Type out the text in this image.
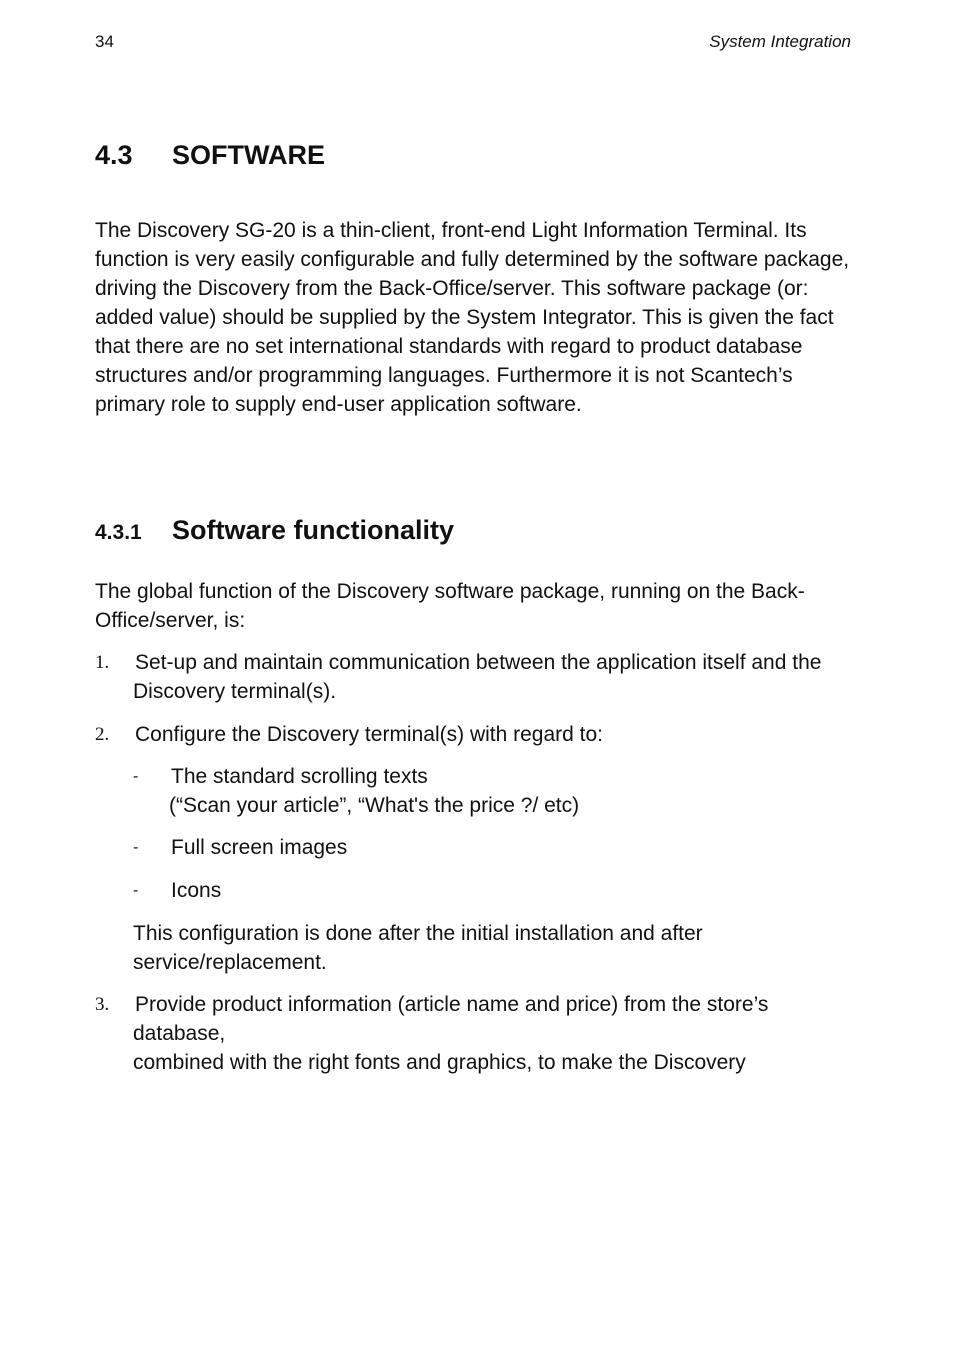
34	System Integration
4.3 SOFTWARE

The Discovery SG-20 is a thin-client, front-end Light Information Terminal. Its function is very easily configurable and fully determined by the software package, driving the Discovery from the Back-Office/server. This software package (or: added value) should be supplied by the System Integrator. This is given the fact that there are no set international standards with regard to product database structures and/or programming languages. Furthermore it is not Scantech’s primary role to supply end-user application software.

4.3.1 Software functionality

The global function of the Discovery software package, running on the Back-Office/server, is:

1. Set-up and maintain communication between the application itself and the
Discovery terminal(s).
2. Configure the Discovery terminal(s) with regard to:
- The standard scrolling texts
(“Scan your article”, “What's the price ?/ etc)
- Full screen images
- Icons

This configuration is done after the initial installation and after service/replacement.

3. Provide product information (article name and price) from the store’s
database,
combined with the right fonts and graphics, to make the Discovery
